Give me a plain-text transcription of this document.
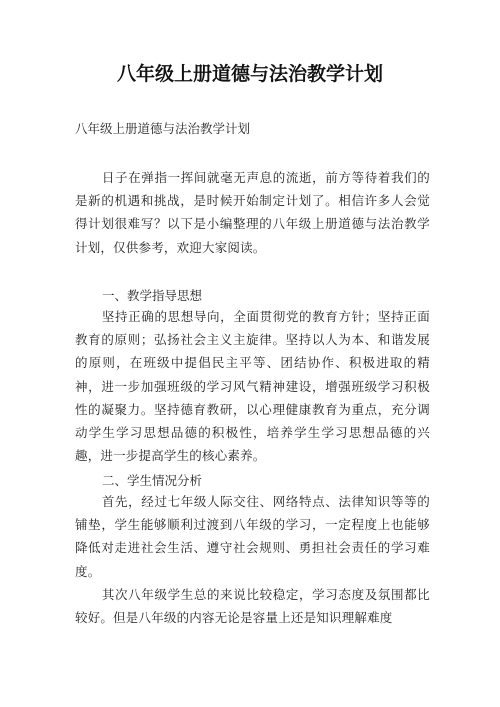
八年级上册道德与法治教学计划
八年级上册道德与法治教学计划

日子在弹指一挥间就毫无声息的流逝，前方等待着我们的是新的机遇和挑战，是时候开始制定计划了。相信许多人会觉得计划很难写？以下是小编整理的八年级上册道德与法治教学计划，仅供参考，欢迎大家阅读。

一、教学指导思想

坚持正确的思想导向，全面贯彻党的教育方针；坚持正面教育的原则；弘扬社会主义主旋律。坚持以人为本、和谐发展的原则，在班级中提倡民主平等、团结协作、积极进取的精神，进一步加强班级的学习风气精神建设，增强班级学习积极性的凝聚力。坚持德育教研，以心理健康教育为重点，充分调动学生学习思想品德的积极性，培养学生学习思想品德的兴趣，进一步提高学生的核心素养。

二、学生情况分析

首先，经过七年级人际交往、网络特点、法律知识等等的铺垫，学生能够顺利过渡到八年级的学习，一定程度上也能够降低对走进社会生活、遵守社会规则、勇担社会责任的学习难度。

其次八年级学生总的来说比较稳定，学习态度及氛围都比较好。但是八年级的内容无论是容量上还是知识理解难度
